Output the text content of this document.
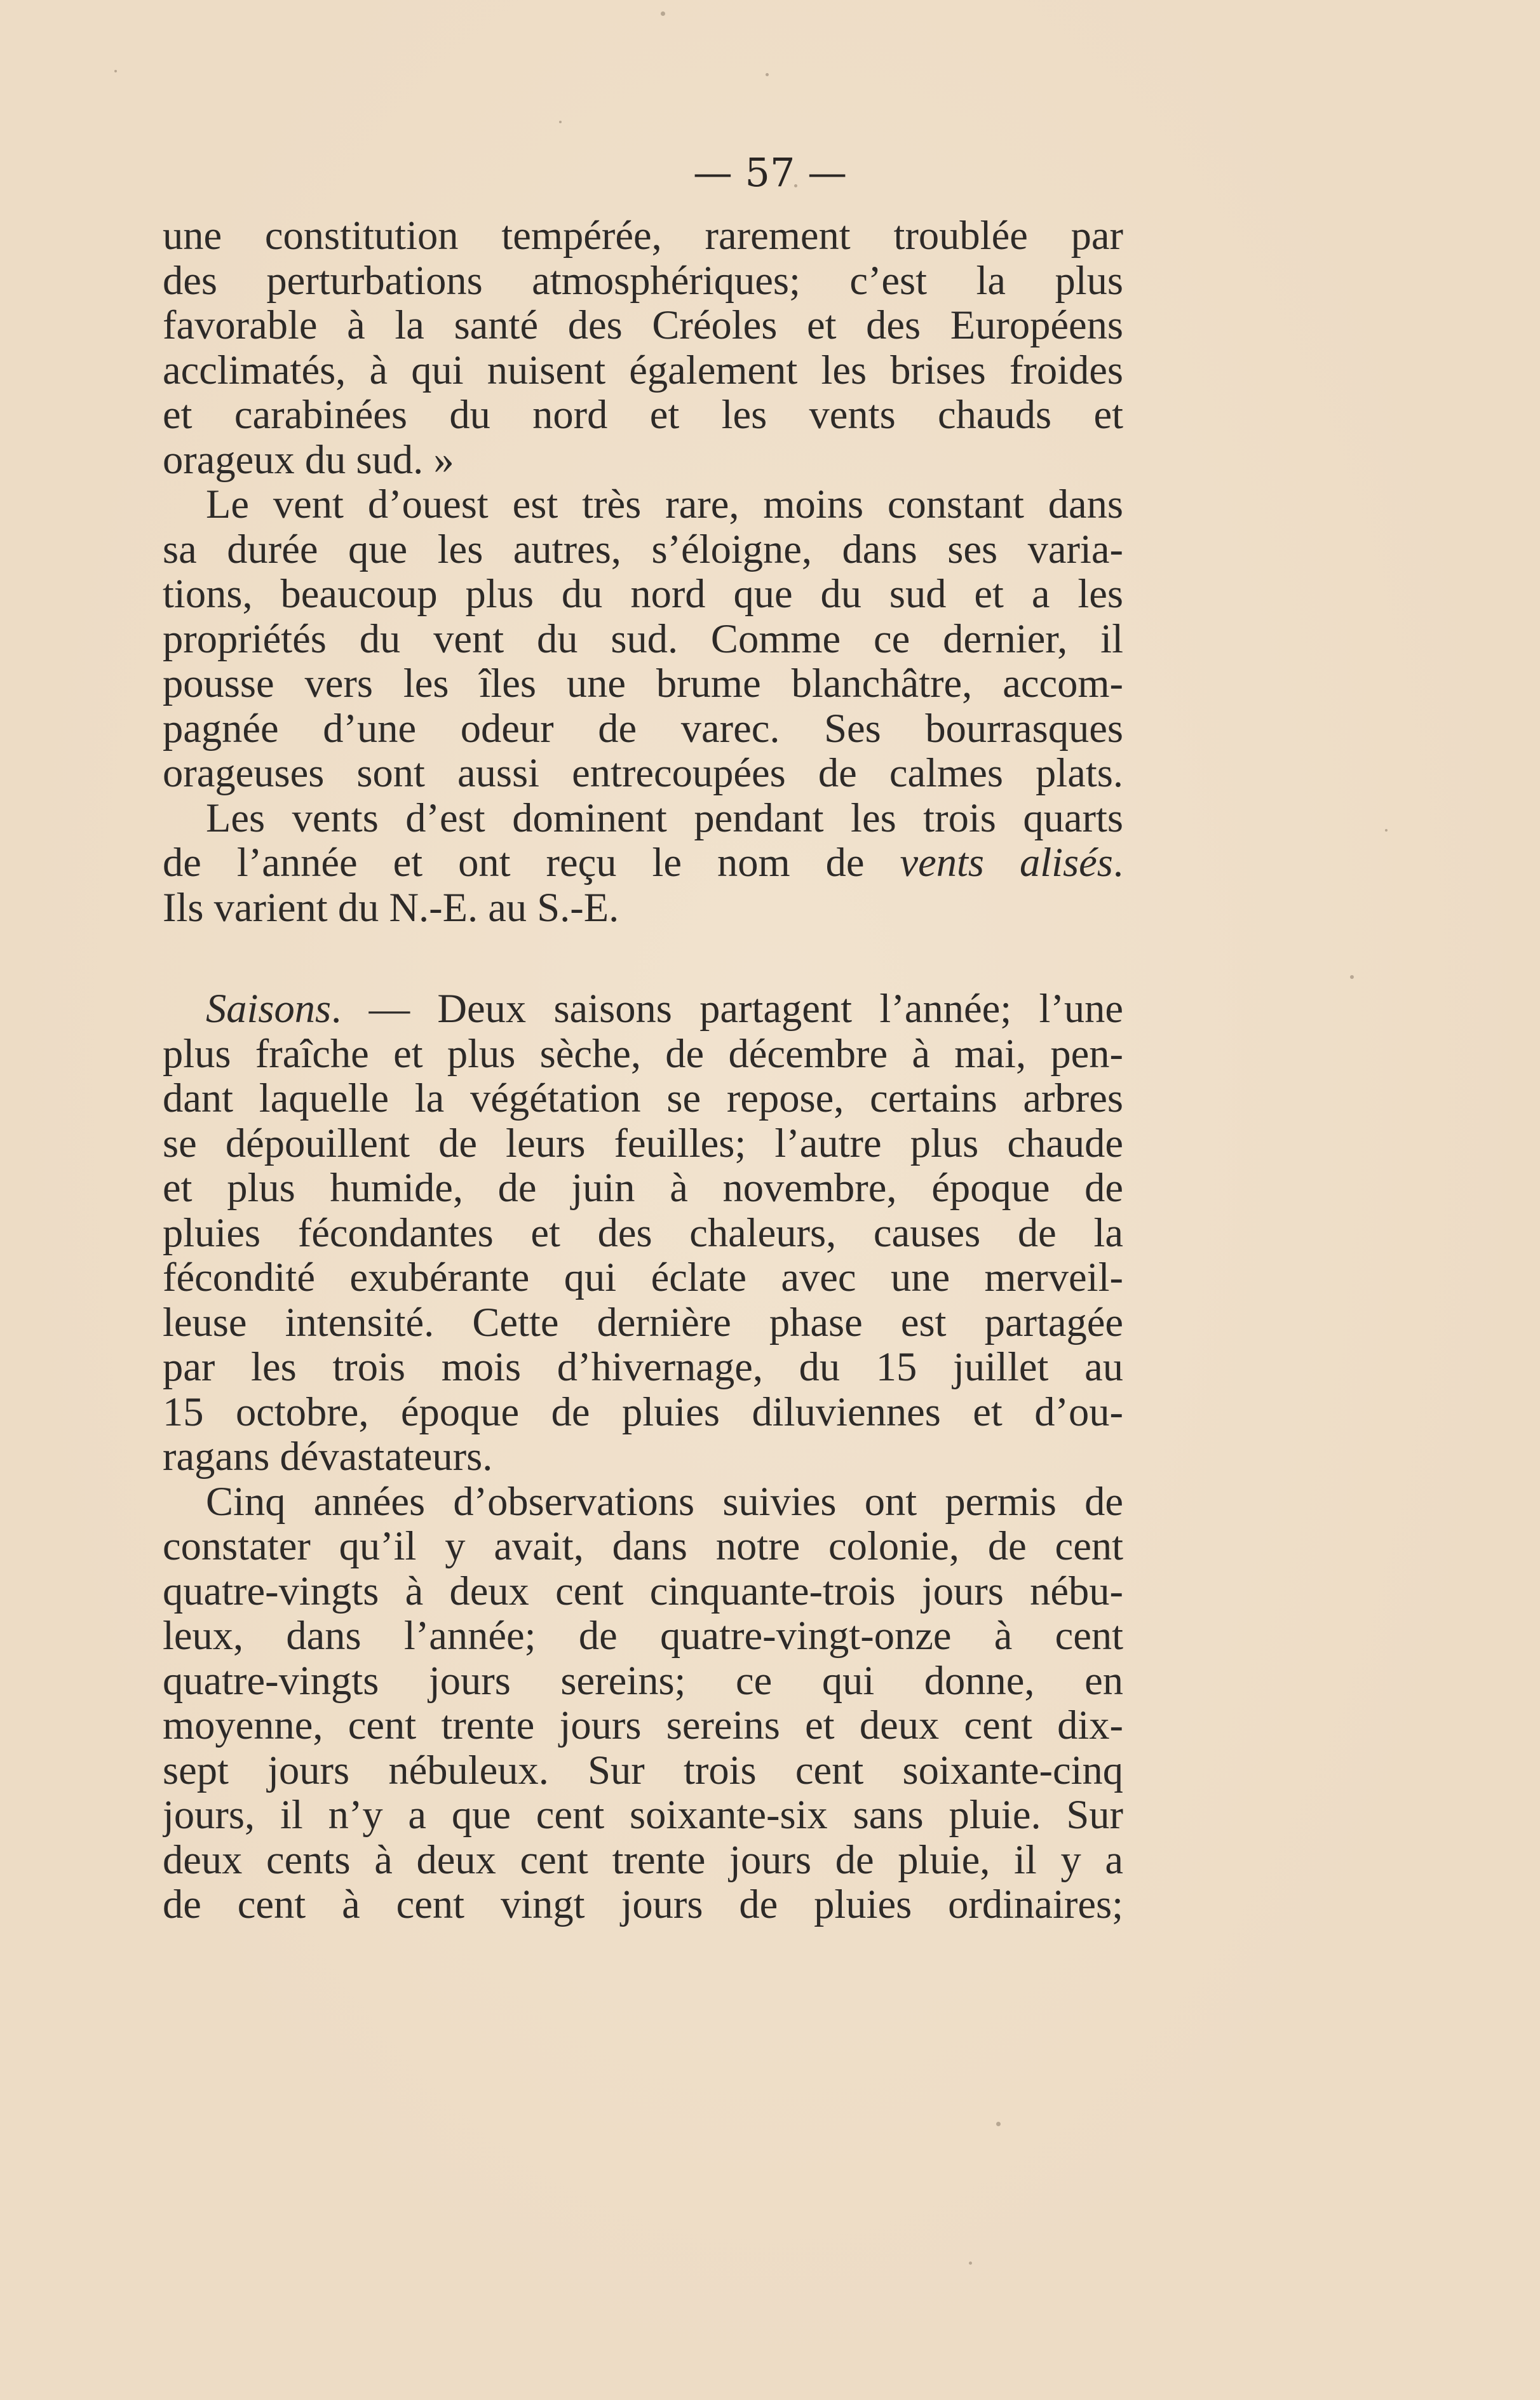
— 57 —
une constitution tempérée, rarement troublée par
des perturbations atmosphériques; c’est la plus
favorable à la santé des Créoles et des Européens
acclimatés, à qui nuisent également les brises froides
et carabinées du nord et les vents chauds et
orageux du sud. »
Le vent d’ouest est très rare, moins constant dans
sa durée que les autres, s’éloigne, dans ses varia-
tions, beaucoup plus du nord que du sud et a les
propriétés du vent du sud. Comme ce dernier, il
pousse vers les îles une brume blanchâtre, accom-
pagnée d’une odeur de varec. Ses bourrasques
orageuses sont aussi entrecoupées de calmes plats.
Les vents d’est dominent pendant les trois quarts
de l’année et ont reçu le nom de vents alisés.
Ils varient du N.-E. au S.-E.
Saisons. — Deux saisons partagent l’année; l’une
plus fraîche et plus sèche, de décembre à mai, pen-
dant laquelle la végétation se repose, certains arbres
se dépouillent de leurs feuilles; l’autre plus chaude
et plus humide, de juin à novembre, époque de
pluies fécondantes et des chaleurs, causes de la
fécondité exubérante qui éclate avec une merveil-
leuse intensité. Cette dernière phase est partagée
par les trois mois d’hivernage, du 15 juillet au
15 octobre, époque de pluies diluviennes et d’ou-
ragans dévastateurs.
Cinq années d’observations suivies ont permis de
constater qu’il y avait, dans notre colonie, de cent
quatre-vingts à deux cent cinquante-trois jours nébu-
leux, dans l’année; de quatre-vingt-onze à cent
quatre-vingts jours sereins; ce qui donne, en
moyenne, cent trente jours sereins et deux cent dix-
sept jours nébuleux. Sur trois cent soixante-cinq
jours, il n’y a que cent soixante-six sans pluie. Sur
deux cents à deux cent trente jours de pluie, il y a
de cent à cent vingt jours de pluies ordinaires;
